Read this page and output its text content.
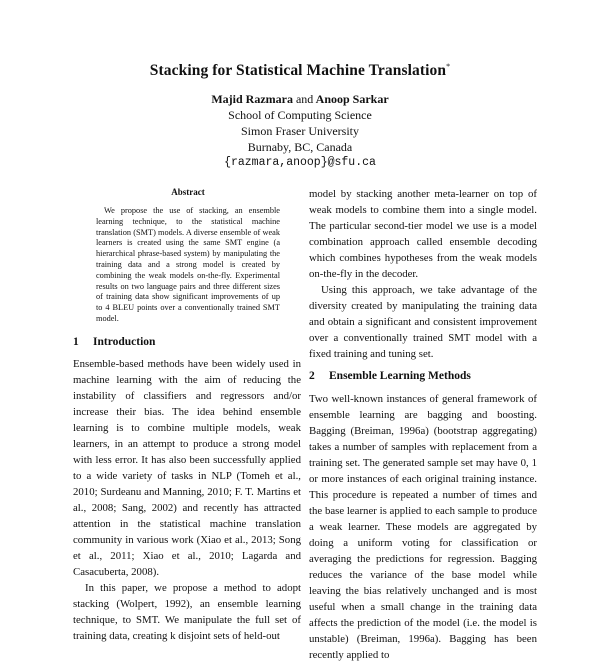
Stacking for Statistical Machine Translation*
Majid Razmara and Anoop Sarkar
School of Computing Science
Simon Fraser University
Burnaby, BC, Canada
{razmara,anoop}@sfu.ca
Abstract

We propose the use of stacking, an ensemble learning technique, to the statistical machine translation (SMT) models. A diverse ensemble of weak learners is created using the same SMT engine (a hierarchical phrase-based system) by manipulating the training data and a strong model is created by combining the weak models on-the-fly. Experimental results on two language pairs and three different sizes of training data show significant improvements of up to 4 BLEU points over a conventionally trained SMT model.

1 Introduction

Ensemble-based methods have been widely used in machine learning with the aim of reducing the instability of classifiers and regressors and/or increase their bias. The idea behind ensemble learning is to combine multiple models, weak learners, in an attempt to produce a strong model with less error. It has also been successfully applied to a wide variety of tasks in NLP (Tomeh et al., 2010; Surdeanu and Manning, 2010; F. T. Martins et al., 2008; Sang, 2002) and recently has attracted attention in the statistical machine translation community in various work (Xiao et al., 2013; Song et al., 2011; Xiao et al., 2010; Lagarda and Casacuberta, 2008).

In this paper, we propose a method to adopt stacking (Wolpert, 1992), an ensemble learning technique, to SMT. We manipulate the full set of training data, creating k disjoint sets of held-out

model by stacking another meta-learner on top of weak models to combine them into a single model. The particular second-tier model we use is a model combination approach called ensemble decoding which combines hypotheses from the weak models on-the-fly in the decoder.

Using this approach, we take advantage of the diversity created by manipulating the training data and obtain a significant and consistent improvement over a conventionally trained SMT model with a fixed training and tuning set.

2 Ensemble Learning Methods

Two well-known instances of general framework of ensemble learning are bagging and boosting. Bagging (Breiman, 1996a) (bootstrap aggregating) takes a number of samples with replacement from a training set. The generated sample set may have 0, 1 or more instances of each original training instance. This procedure is repeated a number of times and the base learner is applied to each sample to produce a weak learner. These models are aggregated by doing a uniform voting for classification or averaging the predictions for regression. Bagging reduces the variance of the base model while leaving the bias relatively unchanged and is most useful when a small change in the training data affects the prediction of the model (i.e. the model is unstable) (Breiman, 1996a). Bagging has been recently applied to
